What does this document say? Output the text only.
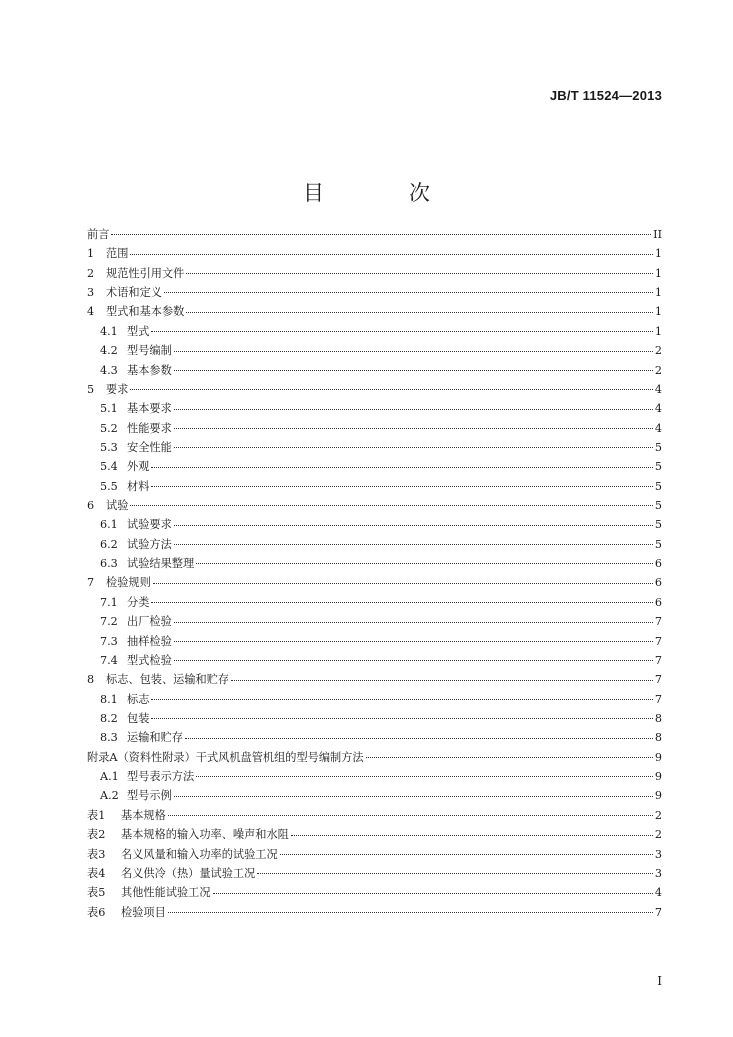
JB/T 11524—2013
目　次
前言	II
1	范围	1
2	规范性引用文件	1
3	术语和定义	1
4	型式和基本参数	1
4.1 型式	1
4.2 型号编制	2
4.3 基本参数	2
5	要求	4
5.1 基本要求	4
5.2 性能要求	4
5.3 安全性能	5
5.4 外观	5
5.5 材料	5
6	试验	5
6.1 试验要求	5
6.2 试验方法	5
6.3 试验结果整理	6
7	检验规则	6
7.1 分类	6
7.2 出厂检验	7
7.3 抽样检验	7
7.4 型式检验	7
8	标志、包装、运输和贮存	7
8.1 标志	7
8.2 包装	8
8.3 运输和贮存	8
附录A（资料性附录）干式风机盘管机组的型号编制方法	9
A.1 型号表示方法	9
A.2 型号示例	9
表1	基本规格	2
表2	基本规格的输入功率、噪声和水阻	2
表3	名义风量和输入功率的试验工况	3
表4	名义供冷（热）量试验工况	3
表5	其他性能试验工况	4
表6	检验项目	7
I
